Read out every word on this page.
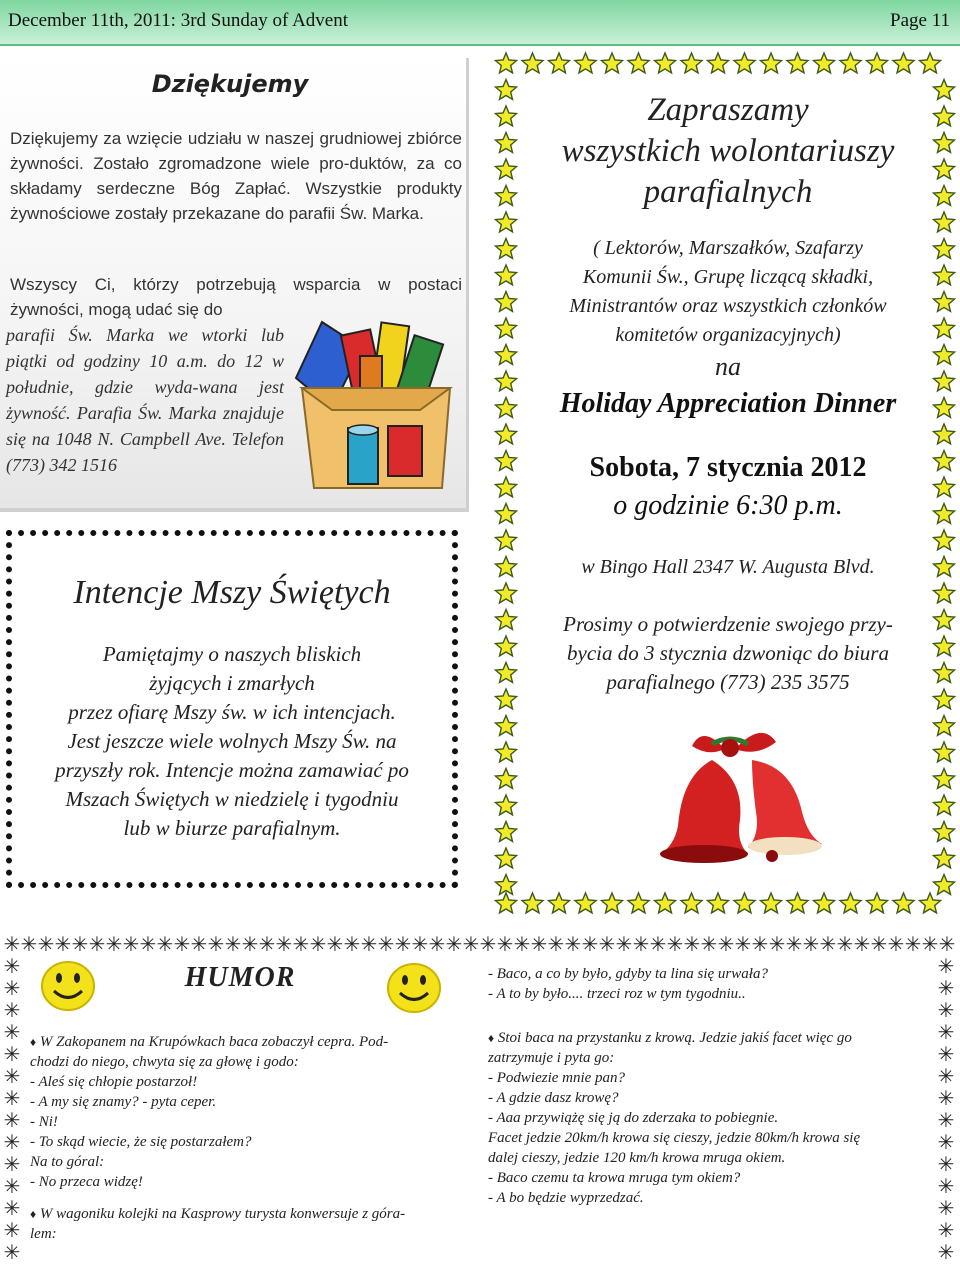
December 11th, 2011: 3rd Sunday of Advent	Page 11
Dziękujemy
Dziękujemy za wzięcie udziału w naszej grudniowej zbiórce żywności. Zostało zgromadzone wiele pro-duktów, za co składamy serdeczne Bóg Zapłać. Wszystkie produkty żywnościowe zostały przekazane do parafii Św. Marka.
Wszyscy Ci, którzy potrzebują wsparcia w postaci żywności, mogą udać się do
parafii Św. Marka we wtorki lub piątki od godziny 10 a.m. do 12 w południe, gdzie wyda-wana jest żywność. Parafia Św. Marka znajduje się na 1048 N. Campbell Ave. Telefon (773) 342 1516
Intencje Mszy Świętych
Pamiętajmy o naszych bliskich
żyjących i zmarłych
przez ofiarę Mszy św. w ich intencjach.
Jest jeszcze wiele wolnych Mszy Św. na
przyszły rok. Intencje można zamawiać po
Mszach Świętych w niedzielę i tygodniu
lub w biurze parafialnym.
Zapraszamy
wszystkich wolontariuszy
parafialnych
( Lektorów, Marszałków, Szafarzy
Komunii Św., Grupę liczącą składki,
Ministrantów oraz wszystkich członków
komitetów organizacyjnych)
na
Holiday Appreciation Dinner
Sobota, 7 stycznia 2012
o godzinie 6:30 p.m.
w Bingo Hall 2347 W. Augusta Blvd.
Prosimy o potwierdzenie swojego przy-
bycia do 3 stycznia dzwoniąc do biura
parafialnego (773) 235 3575
✳ ✳ ✳ ✳ ✳ ✳ ✳ ✳ ✳ ✳ ✳ ✳ ✳ ✳ ✳ ✳ ✳ ✳ ✳ ✳ ✳ ✳ ✳ ✳ ✳ ✳ ✳ ✳ ✳ ✳ ✳ ✳ ✳ ✳ ✳ ✳ ✳ ✳ ✳ ✳ ✳ ✳ ✳ ✳ ✳ ✳ ✳ ✳ ✳ ✳ ✳ ✳ ✳ ✳ ✳ ✳
✳	✳
✳	✳
✳	✳
✳	✳
✳	✳
✳	✳
✳	✳
✳	✳
✳	✳
✳	✳
✳	✳
✳	✳
✳	✳
✳	✳
HUMOR
♦ W Zakopanem na Krupówkach baca zobaczył cepra. Pod-
chodzi do niego, chwyta się za głowę i godo:
- Aleś się chłopie postarzoł!
- A my się znamy? - pyta ceper.
- Ni!
- To skąd wiecie, że się postarzałem?
Na to góral:
- No przeca widzę!
♦ W wagoniku kolejki na Kasprowy turysta konwersuje z góra-
lem:
- Baco, a co by było, gdyby ta lina się urwała?
- A to by było.... trzeci roz w tym tygodniu..
♦ Stoi baca na przystanku z krową. Jedzie jakiś facet więc go
zatrzymuje i pyta go:
- Podwiezie mnie pan?
- A gdzie dasz krowę?
- Aaa przywiążę się ją do zderzaka to pobiegnie.
Facet jedzie 20km/h krowa się cieszy, jedzie 80km/h krowa się
dalej cieszy, jedzie 120 km/h krowa mruga okiem.
- Baco czemu ta krowa mruga tym okiem?
- A bo będzie wyprzedzać.
